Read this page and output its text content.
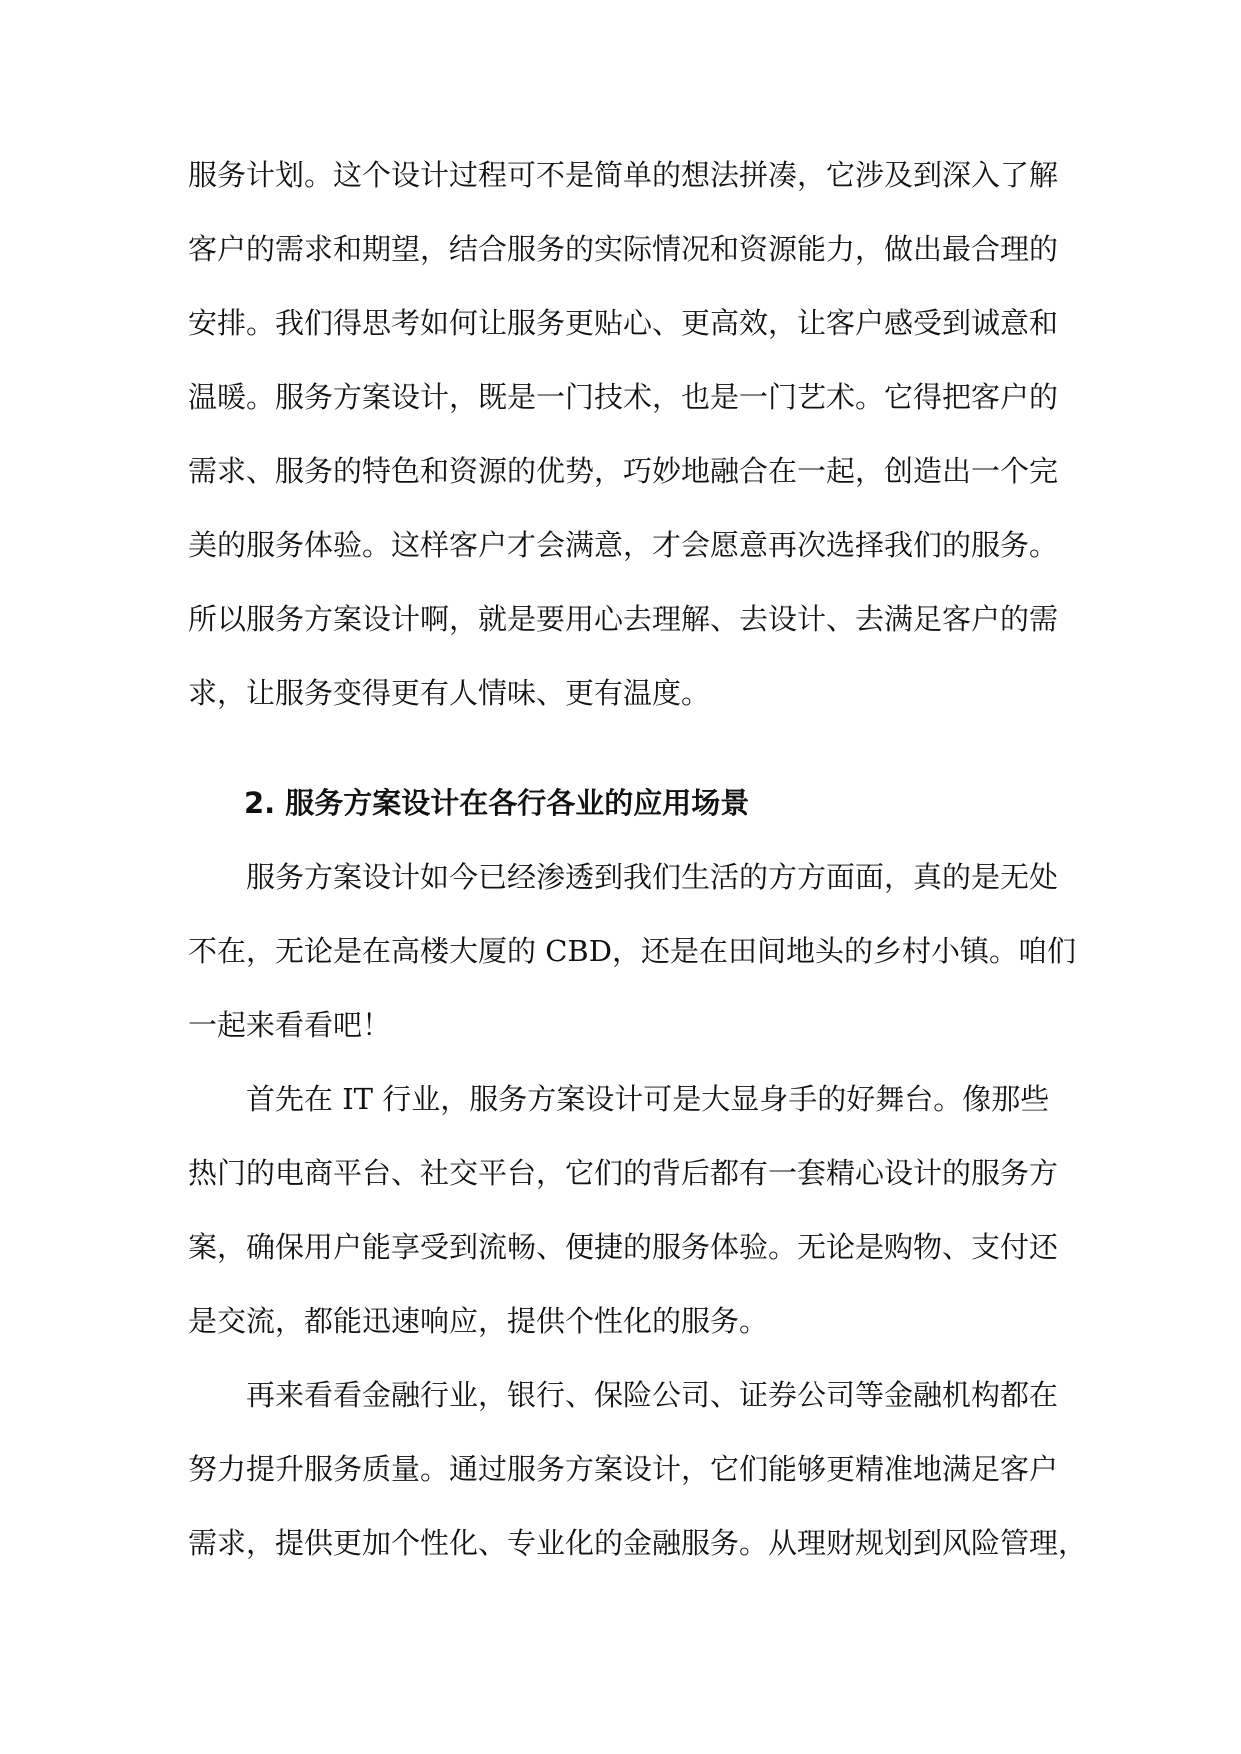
服务计划。这个设计过程可不是简单的想法拼凑，它涉及到深入了解
客户的需求和期望，结合服务的实际情况和资源能力，做出最合理的
安排。我们得思考如何让服务更贴心、更高效，让客户感受到诚意和
温暖。服务方案设计，既是一门技术，也是一门艺术。它得把客户的
需求、服务的特色和资源的优势，巧妙地融合在一起，创造出一个完
美的服务体验。这样客户才会满意，才会愿意再次选择我们的服务。
所以服务方案设计啊，就是要用心去理解、去设计、去满足客户的需
求，让服务变得更有人情味、更有温度。
2. 服务方案设计在各行各业的应用场景
服务方案设计如今已经渗透到我们生活的方方面面，真的是无处
不在，无论是在高楼大厦的 CBD，还是在田间地头的乡村小镇。咱们
一起来看看吧！
首先在 IT 行业，服务方案设计可是大显身手的好舞台。像那些
热门的电商平台、社交平台，它们的背后都有一套精心设计的服务方
案，确保用户能享受到流畅、便捷的服务体验。无论是购物、支付还
是交流，都能迅速响应，提供个性化的服务。
再来看看金融行业，银行、保险公司、证券公司等金融机构都在
努力提升服务质量。通过服务方案设计，它们能够更精准地满足客户
需求，提供更加个性化、专业化的金融服务。从理财规划到风险管理，
